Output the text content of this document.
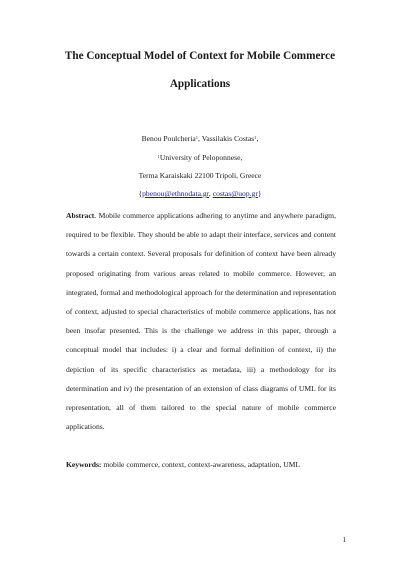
The Conceptual Model of Context for Mobile Commerce
Applications
Benou Poulcheria$^1$, Vassilakis Costas$^1$,
$^1$University of Peloponnese,
Terma Karaiskaki 22100 Tripoli, Greece
{pbenou@ethnodata.gr, costas@uop.gr}

Abstract. Mobile commerce applications adhering to anytime and anywhere paradigm, required to be flexible. They should be able to adapt their interface, services and content towards a certain context. Several proposals for definition of context have been already proposed originating from various areas related to mobile commerce. However, an integrated, formal and methodological approach for the determination and representation of context, adjusted to special characteristics of mobile commerce applications, has not been insofar presented. This is the challenge we address in this paper, through a conceptual model that includes: i) a clear and formal definition of context, ii) the depiction of its specific characteristics as metadata, iii) a methodology for its determination and iv) the presentation of an extension of class diagrams of UML for its representation, all of them tailored to the special nature of mobile commerce applications.

Keywords: mobile commerce, context, context-awareness, adaptation, UML

1
